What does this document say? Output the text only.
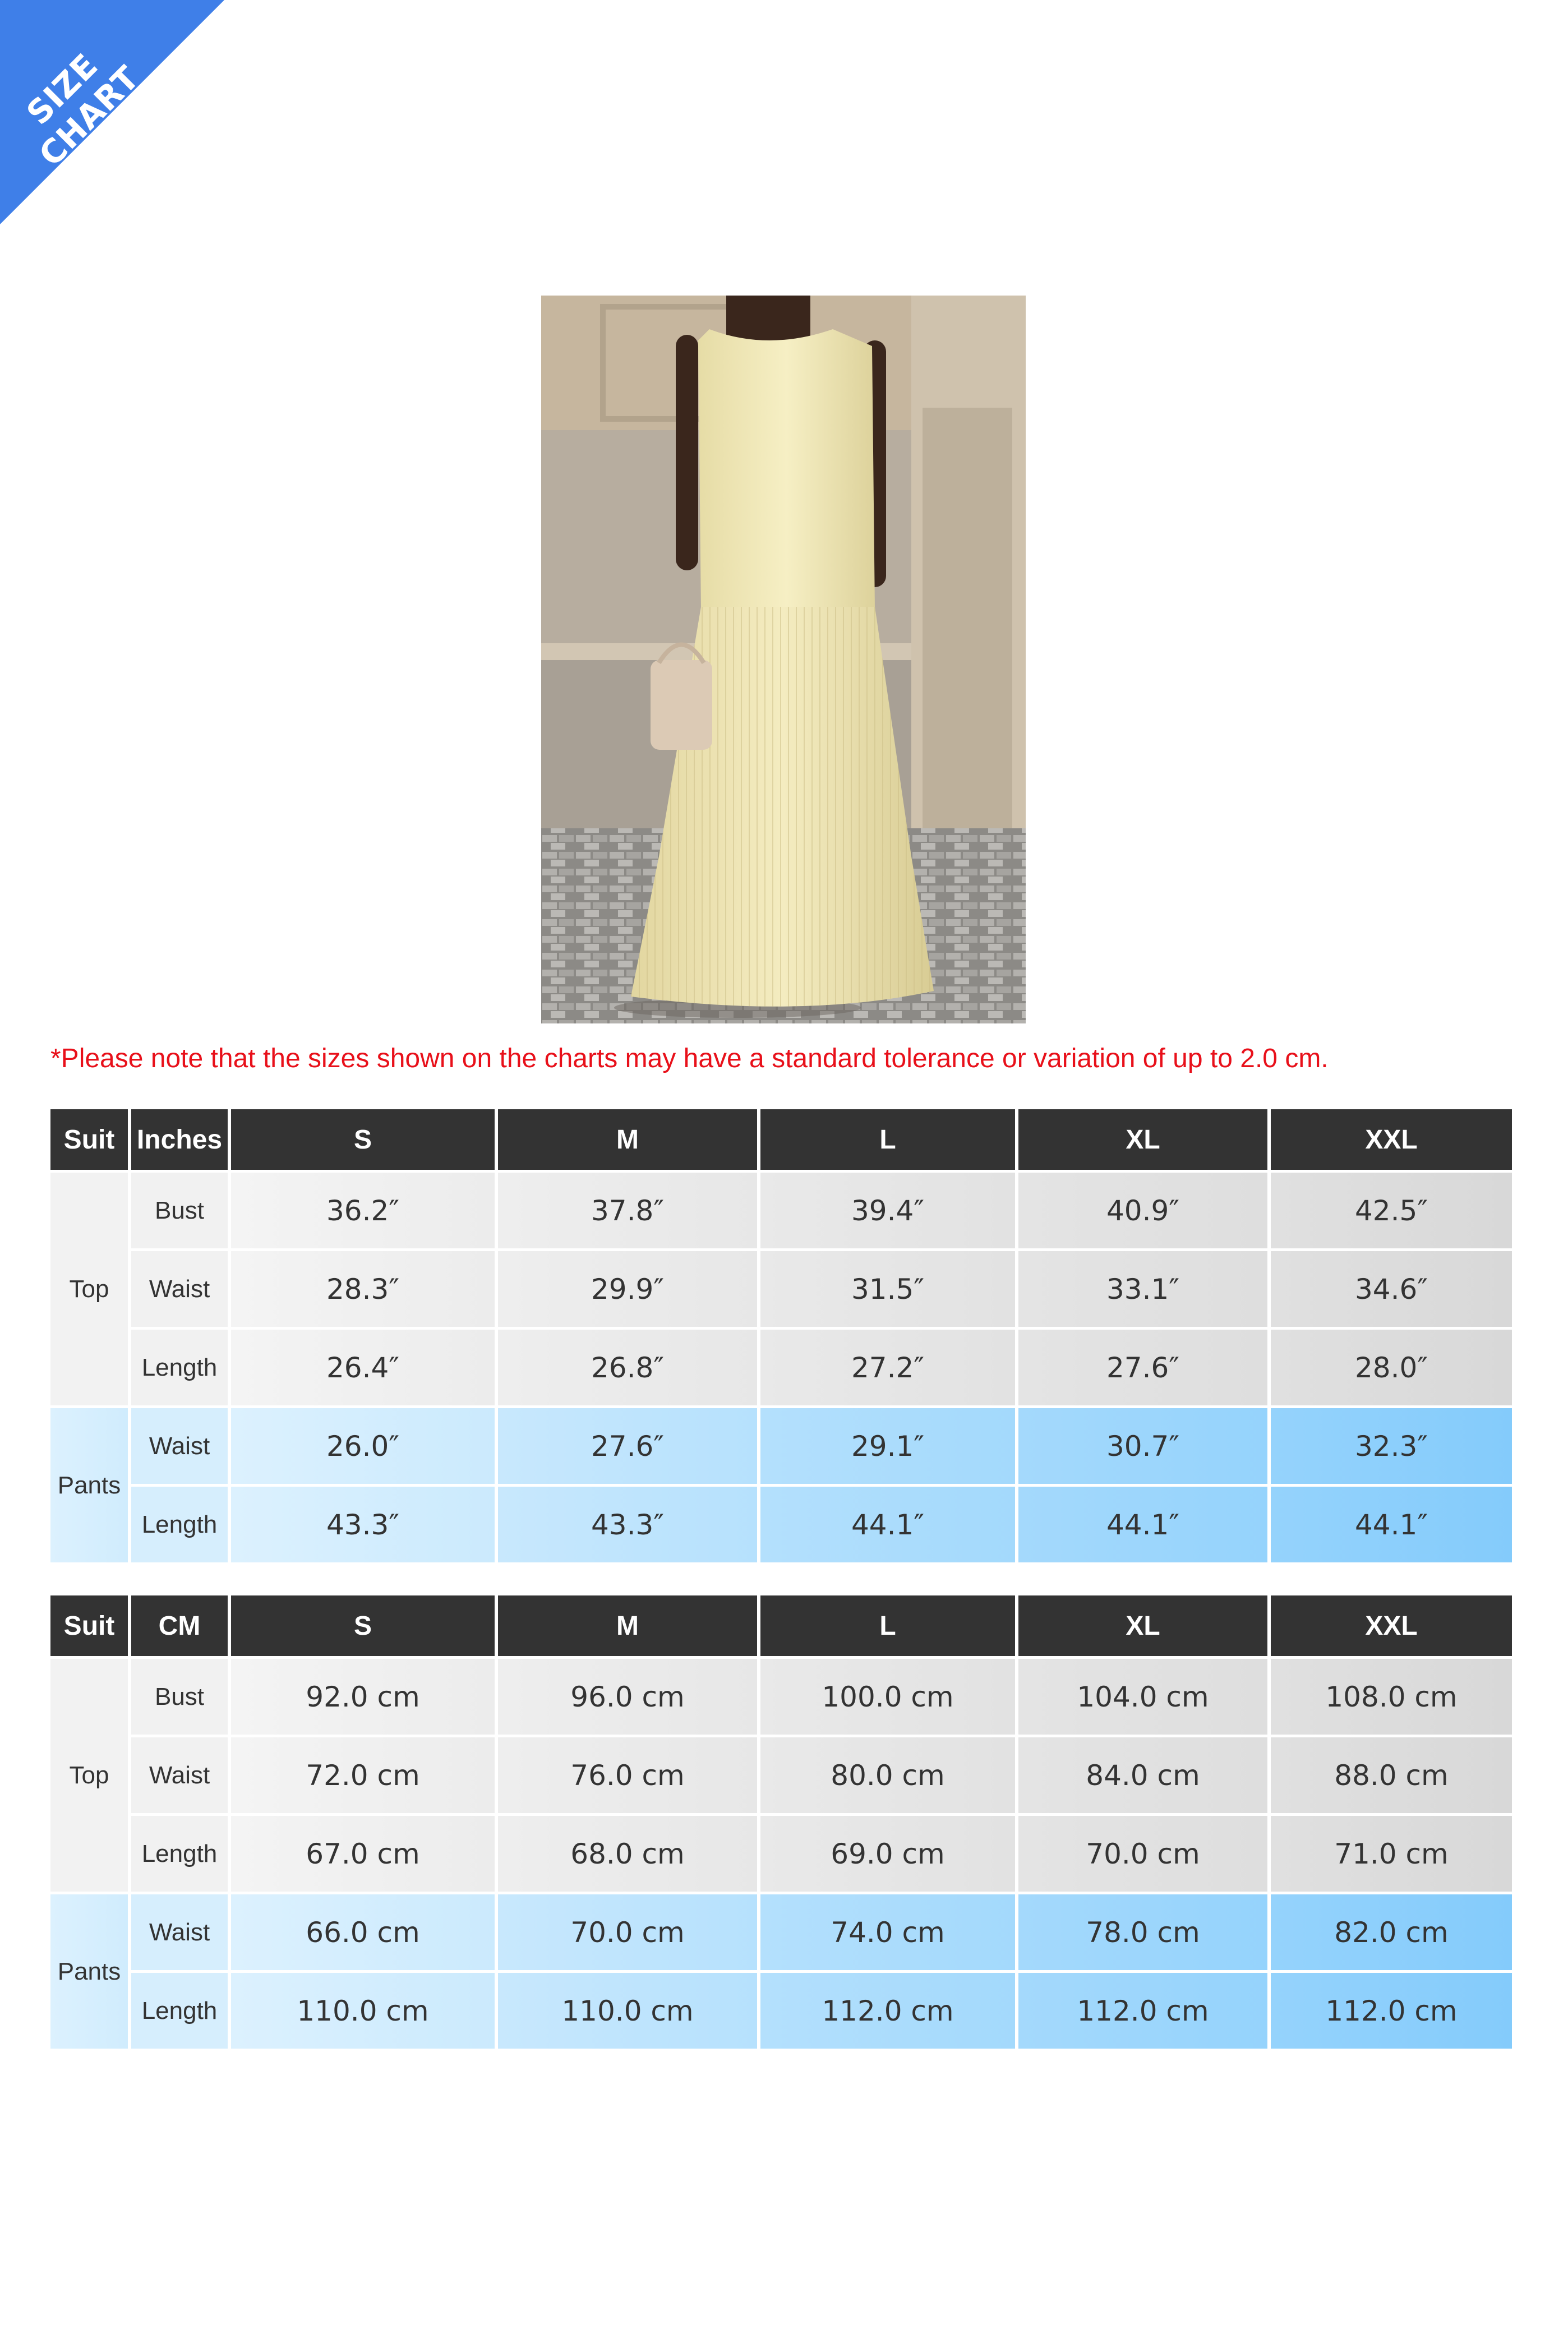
SIZE CHART
*Please note that the sizes shown on the charts may have a standard tolerance or variation of up to 2.0 cm.
Suit	Inches	S	M	L	XL	XXL
Top	Bust	36.2″	37.8″	39.4″	40.9″	42.5″
	Waist	28.3″	29.9″	31.5″	33.1″	34.6″
	Length	26.4″	26.8″	27.2″	27.6″	28.0″
Pants	Waist	26.0″	27.6″	29.1″	30.7″	32.3″
	Length	43.3″	43.3″	44.1″	44.1″	44.1″
Suit	CM	S	M	L	XL	XXL
Top	Bust	92.0 cm	96.0 cm	100.0 cm	104.0 cm	108.0 cm
	Waist	72.0 cm	76.0 cm	80.0 cm	84.0 cm	88.0 cm
	Length	67.0 cm	68.0 cm	69.0 cm	70.0 cm	71.0 cm
Pants	Waist	66.0 cm	70.0 cm	74.0 cm	78.0 cm	82.0 cm
	Length	110.0 cm	110.0 cm	112.0 cm	112.0 cm	112.0 cm
